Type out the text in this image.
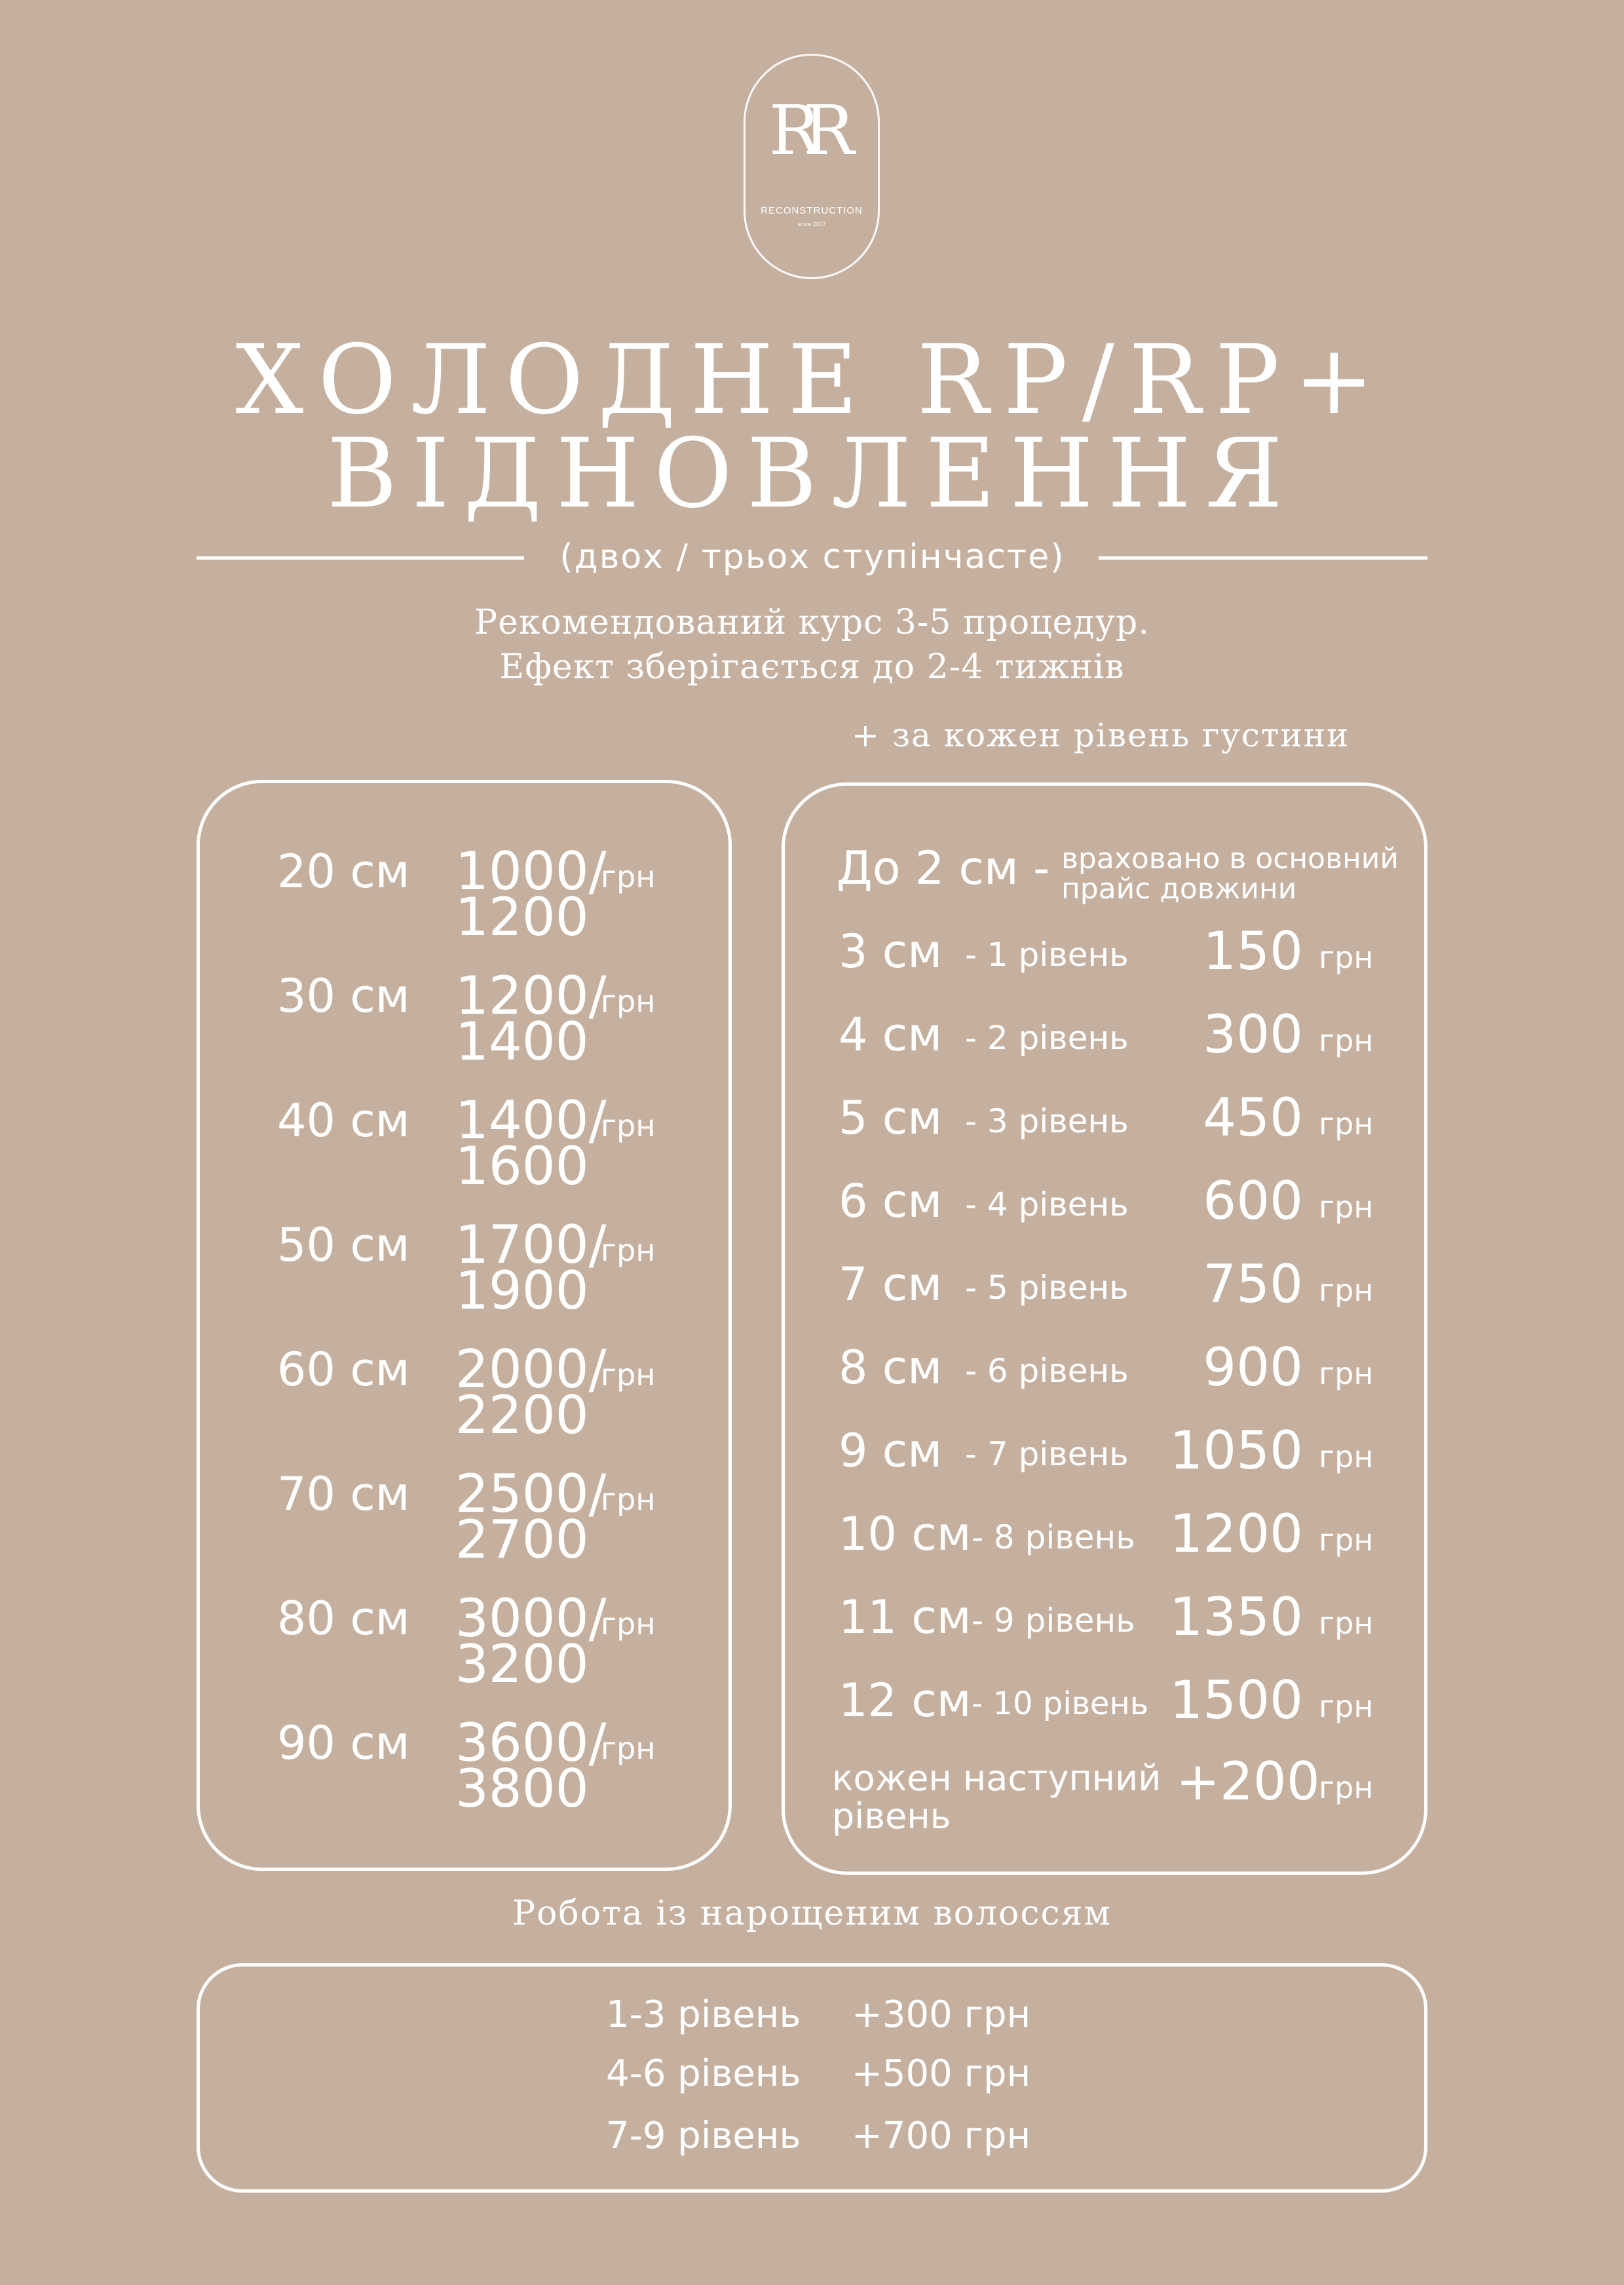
RR
RECONSTRUCTION
since 2017
ХОЛОДНЕ RP/RP+
ВІДНОВЛЕННЯ
(двох / трьох ступінчасте)
Рекомендований курс 3-5 процедур.
Ефект зберігається до 2-4 тижнів
+ за кожен рівень густини
20 см 1000/
1200
грн
30 см 1200/
1400
грн
40 см 1400/
1600
грн
50 см 1700/
1900
грн
60 см 2000/
2200
грн
70 см 2500/
2700
грн
80 см 3000/
3200
грн
90 см 3600/
3800
грн
До 2 см - враховано в основний прайс довжини
3 см - 1 рівень 150 грн
4 см - 2 рівень 300 грн
5 см - 3 рівень 450 грн
6 см - 4 рівень 600 грн
7 см - 5 рівень 750 грн
8 см - 6 рівень 900 грн
9 см - 7 рівень 1050 грн
10 см - 8 рівень 1200 грн
11 см - 9 рівень 1350 грн
12 см - 10 рівень 1500 грн
кожен наступний рівень
+200
грн
Робота із нарощеним волоссям
1-3 рівень +300 грн
4-6 рівень +500 грн
7-9 рівень +700 грн
